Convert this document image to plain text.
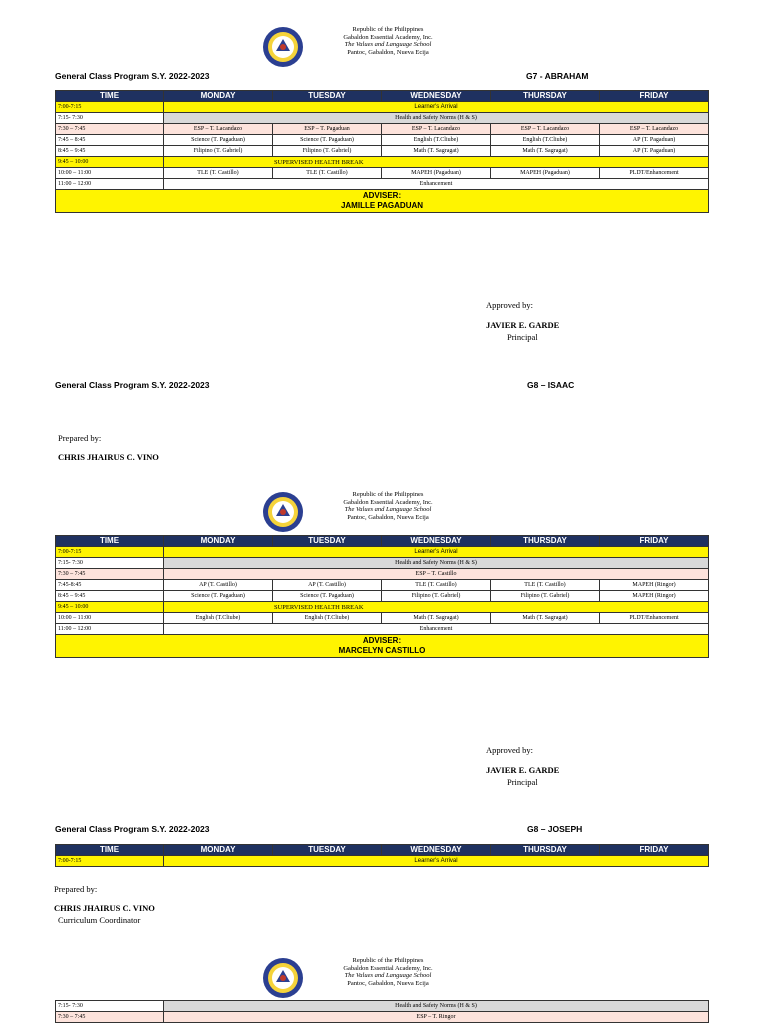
Republic of the Philippines
Gabaldon Essential Academy, Inc.
The Values and Language School
Pantoc, Gabaldon, Nueva Ecija
General Class Program S.Y. 2022-2023	G7 - ABRAHAM
TIME	MONDAY	TUESDAY	WEDNESDAY	THURSDAY	FRIDAY
7:00-7:15	Learner's Arrival				
7:15- 7:30	Health and Safety Norms (H & S)				
7:30 – 7:45	ESP – T. Lacandazo	ESP – T. Pagaduan	ESP – T. Lacandazo	ESP – T. Lacandazo	ESP – T. Lacandazo
7:45 – 8:45	Science (T. Pagaduan)	Science (T. Pagaduan)	English (T.Cliube)	English (T.Cliube)	AP (T. Pagaduan)
8:45 – 9:45	Filipino (T. Gabriel)	Filipino (T. Gabriel)	Math (T. Sagragat)	Math (T. Sagragat)	AP (T. Pagaduan)
9:45 – 10:00	SUPERVISED HEALTH BREAK				
10:00 – 11:00	TLE (T. Castillo)	TLE (T. Castillo)	MAPEH (Pagaduan)	MAPEH (Pagaduan)	PLDT/Enhancement
11:00 – 12:00	Enhancement				

ADVISER:
JAMILLE PAGADUAN					
Approved by:
JAVIER E. GARDE
Principal
General Class Program S.Y. 2022-2023	G8 – ISAAC
Prepared by:
CHRIS JHAIRUS C. VINO
Republic of the Philippines
Gabaldon Essential Academy, Inc.
The Values and Language School
Pantoc, Gabaldon, Nueva Ecija
TIME	MONDAY	TUESDAY	WEDNESDAY	THURSDAY	FRIDAY
7:00-7:15	Learner's Arrival				
7:15- 7:30	Health and Safety Norms (H & S)				
7:30 – 7:45	ESP – T. Castillo				
7:45-8:45	AP (T. Castillo)	AP (T. Castillo)	TLE (T. Castillo)	TLE (T. Castillo)	MAPEH (Ringor)
8:45 – 9:45	Science (T. Pagaduan)	Science (T. Pagaduan)	Filipino (T. Gabriel)	Filipino (T. Gabriel)	MAPEH (Ringor)
9:45 – 10:00	SUPERVISED HEALTH BREAK				
10:00 – 11:00	English (T.Cliube)	English (T.Cliube)	Math (T. Sagragat)	Math (T. Sagragat)	PLDT/Enhancement
11:00 – 12:00	Enhancement				

ADVISER:
MARCELYN CASTILLO					
Approved by:
JAVIER E. GARDE
Principal
General Class Program S.Y. 2022-2023	G8 – JOSEPH
TIME	MONDAY	TUESDAY	WEDNESDAY	THURSDAY	FRIDAY
7:00-7:15	Learner's Arrival				
Prepared by:
CHRIS JHAIRUS C. VINO
Curriculum Coordinator
Republic of the Philippines
Gabaldon Essential Academy, Inc.
The Values and Language School
Pantoc, Gabaldon, Nueva Ecija
7:15- 7:30	Health and Safety Norms (H & S)
7:30 – 7:45	ESP – T. Ringor
